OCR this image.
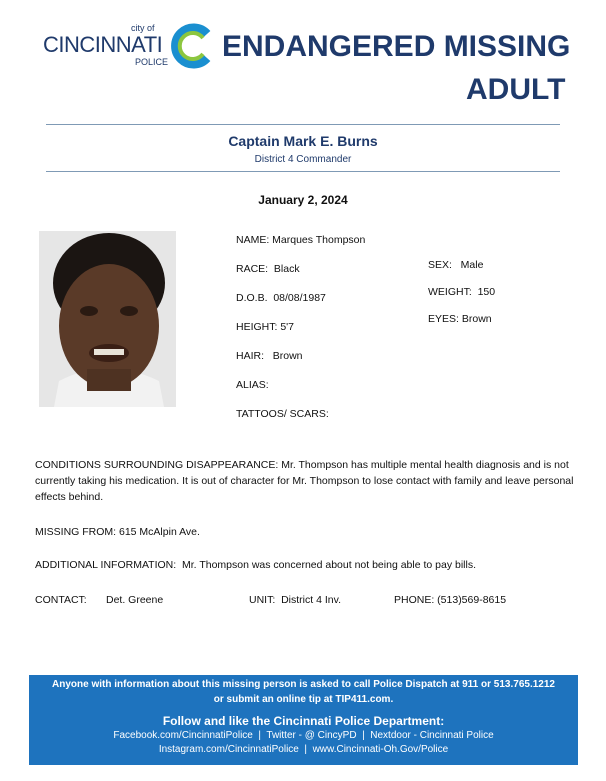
city of
CINCINNATI
POLICE ENDANGERED MISSING
ADULT
Captain Mark E. Burns
District 4 Commander
January 2, 2024
NAME: Marques Thompson
RACE:  Black
D.O.B.  08/08/1987
HEIGHT: 5'7
HAIR:   Brown
ALIAS:
TATTOOS/ SCARS:
SEX:   Male
WEIGHT:  150
EYES: Brown
CONDITIONS SURROUNDING DISAPPEARANCE: Mr. Thompson has multiple mental health diagnosis and is not currently taking his medication. It is out of character for Mr. Thompson to lose contact with family and leave personal effects behind.
MISSING FROM: 615 McAlpin Ave.
ADDITIONAL INFORMATION:  Mr. Thompson was concerned about not being able to pay bills.
CONTACT: Det. Greene	UNIT:  District 4 Inv.	PHONE: (513)569-8615
Anyone with information about this missing person is asked to call Police Dispatch at 911 or 513.765.1212
or submit an online tip at TIP411.com.
Follow and like the Cincinnati Police Department:
Facebook.com/CincinnatiPolice  |  Twitter - @ CincyPD  |  Nextdoor - Cincinnati Police
Instagram.com/CincinnatiPolice  |  www.Cincinnati-Oh.Gov/Police
